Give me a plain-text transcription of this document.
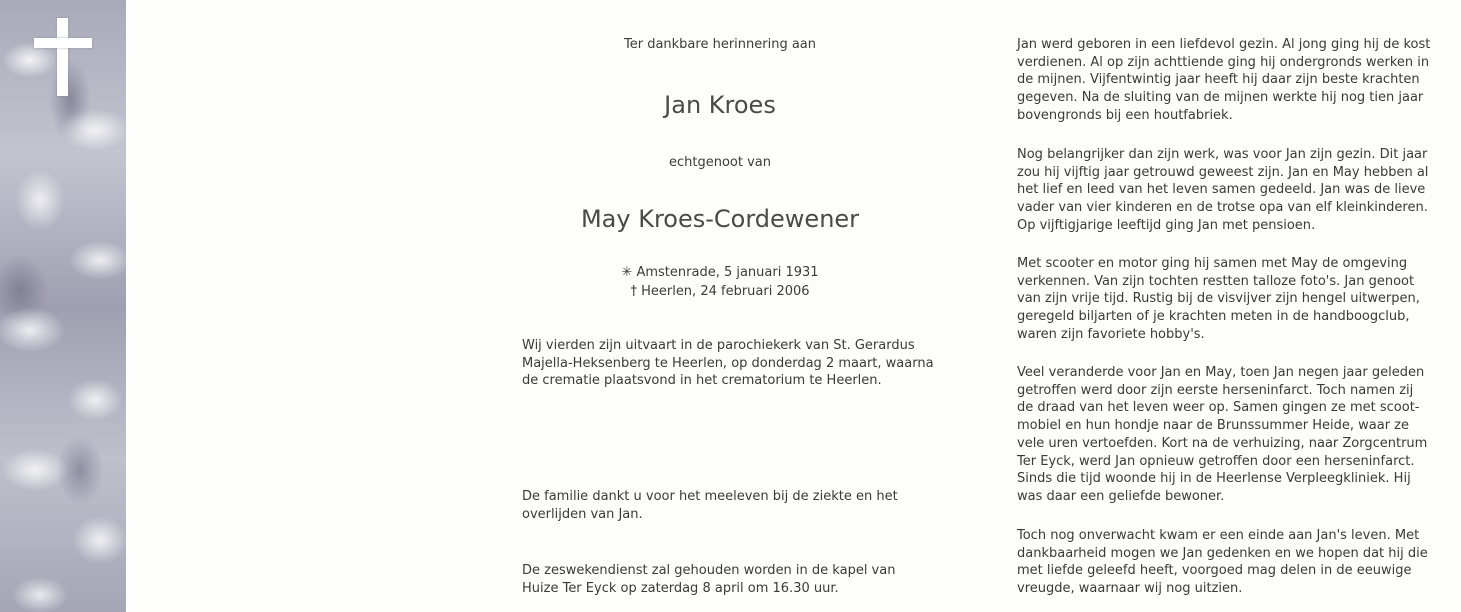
Ter dankbare herinnering aan

Jan Kroes

echtgenoot van

May Kroes-Cordewener

✳ Amstenrade, 5 januari 1931

† Heerlen, 24 februari 2006

Wij vierden zijn uitvaart in de parochiekerk van St. Gerardus
Majella-Heksenberg te Heerlen, op donderdag 2 maart, waarna
de crematie plaatsvond in het crematorium te Heerlen.

De familie dankt u voor het meeleven bij de ziekte en het
overlijden van Jan.

De zeswekendienst zal gehouden worden in de kapel van
Huize Ter Eyck op zaterdag 8 april om 16.30 uur.

Jan werd geboren in een liefdevol gezin. Al jong ging hij de kost
verdienen. Al op zijn achttiende ging hij ondergronds werken in
de mijnen. Vijfentwintig jaar heeft hij daar zijn beste krachten
gegeven. Na de sluiting van de mijnen werkte hij nog tien jaar
bovengronds bij een houtfabriek.

Nog belangrijker dan zijn werk, was voor Jan zijn gezin. Dit jaar
zou hij vijftig jaar getrouwd geweest zijn. Jan en May hebben al
het lief en leed van het leven samen gedeeld. Jan was de lieve
vader van vier kinderen en de trotse opa van elf kleinkinderen.
Op vijftigjarige leeftijd ging Jan met pensioen.

Met scooter en motor ging hij samen met May de omgeving
verkennen. Van zijn tochten restten talloze foto's. Jan genoot
van zijn vrije tijd. Rustig bij de visvijver zijn hengel uitwerpen,
geregeld biljarten of je krachten meten in de handboogclub,
waren zijn favoriete hobby's.

Veel veranderde voor Jan en May, toen Jan negen jaar geleden
getroffen werd door zijn eerste herseninfarct. Toch namen zij
de draad van het leven weer op. Samen gingen ze met scoot-
mobiel en hun hondje naar de Brunssummer Heide, waar ze
vele uren vertoefden. Kort na de verhuizing, naar Zorgcentrum
Ter Eyck, werd Jan opnieuw getroffen door een herseninfarct.
Sinds die tijd woonde hij in de Heerlense Verpleegkliniek. Hij
was daar een geliefde bewoner.

Toch nog onverwacht kwam er een einde aan Jan's leven. Met
dankbaarheid mogen we Jan gedenken en we hopen dat hij die
met liefde geleefd heeft, voorgoed mag delen in de eeuwige
vreugde, waarnaar wij nog uitzien.
